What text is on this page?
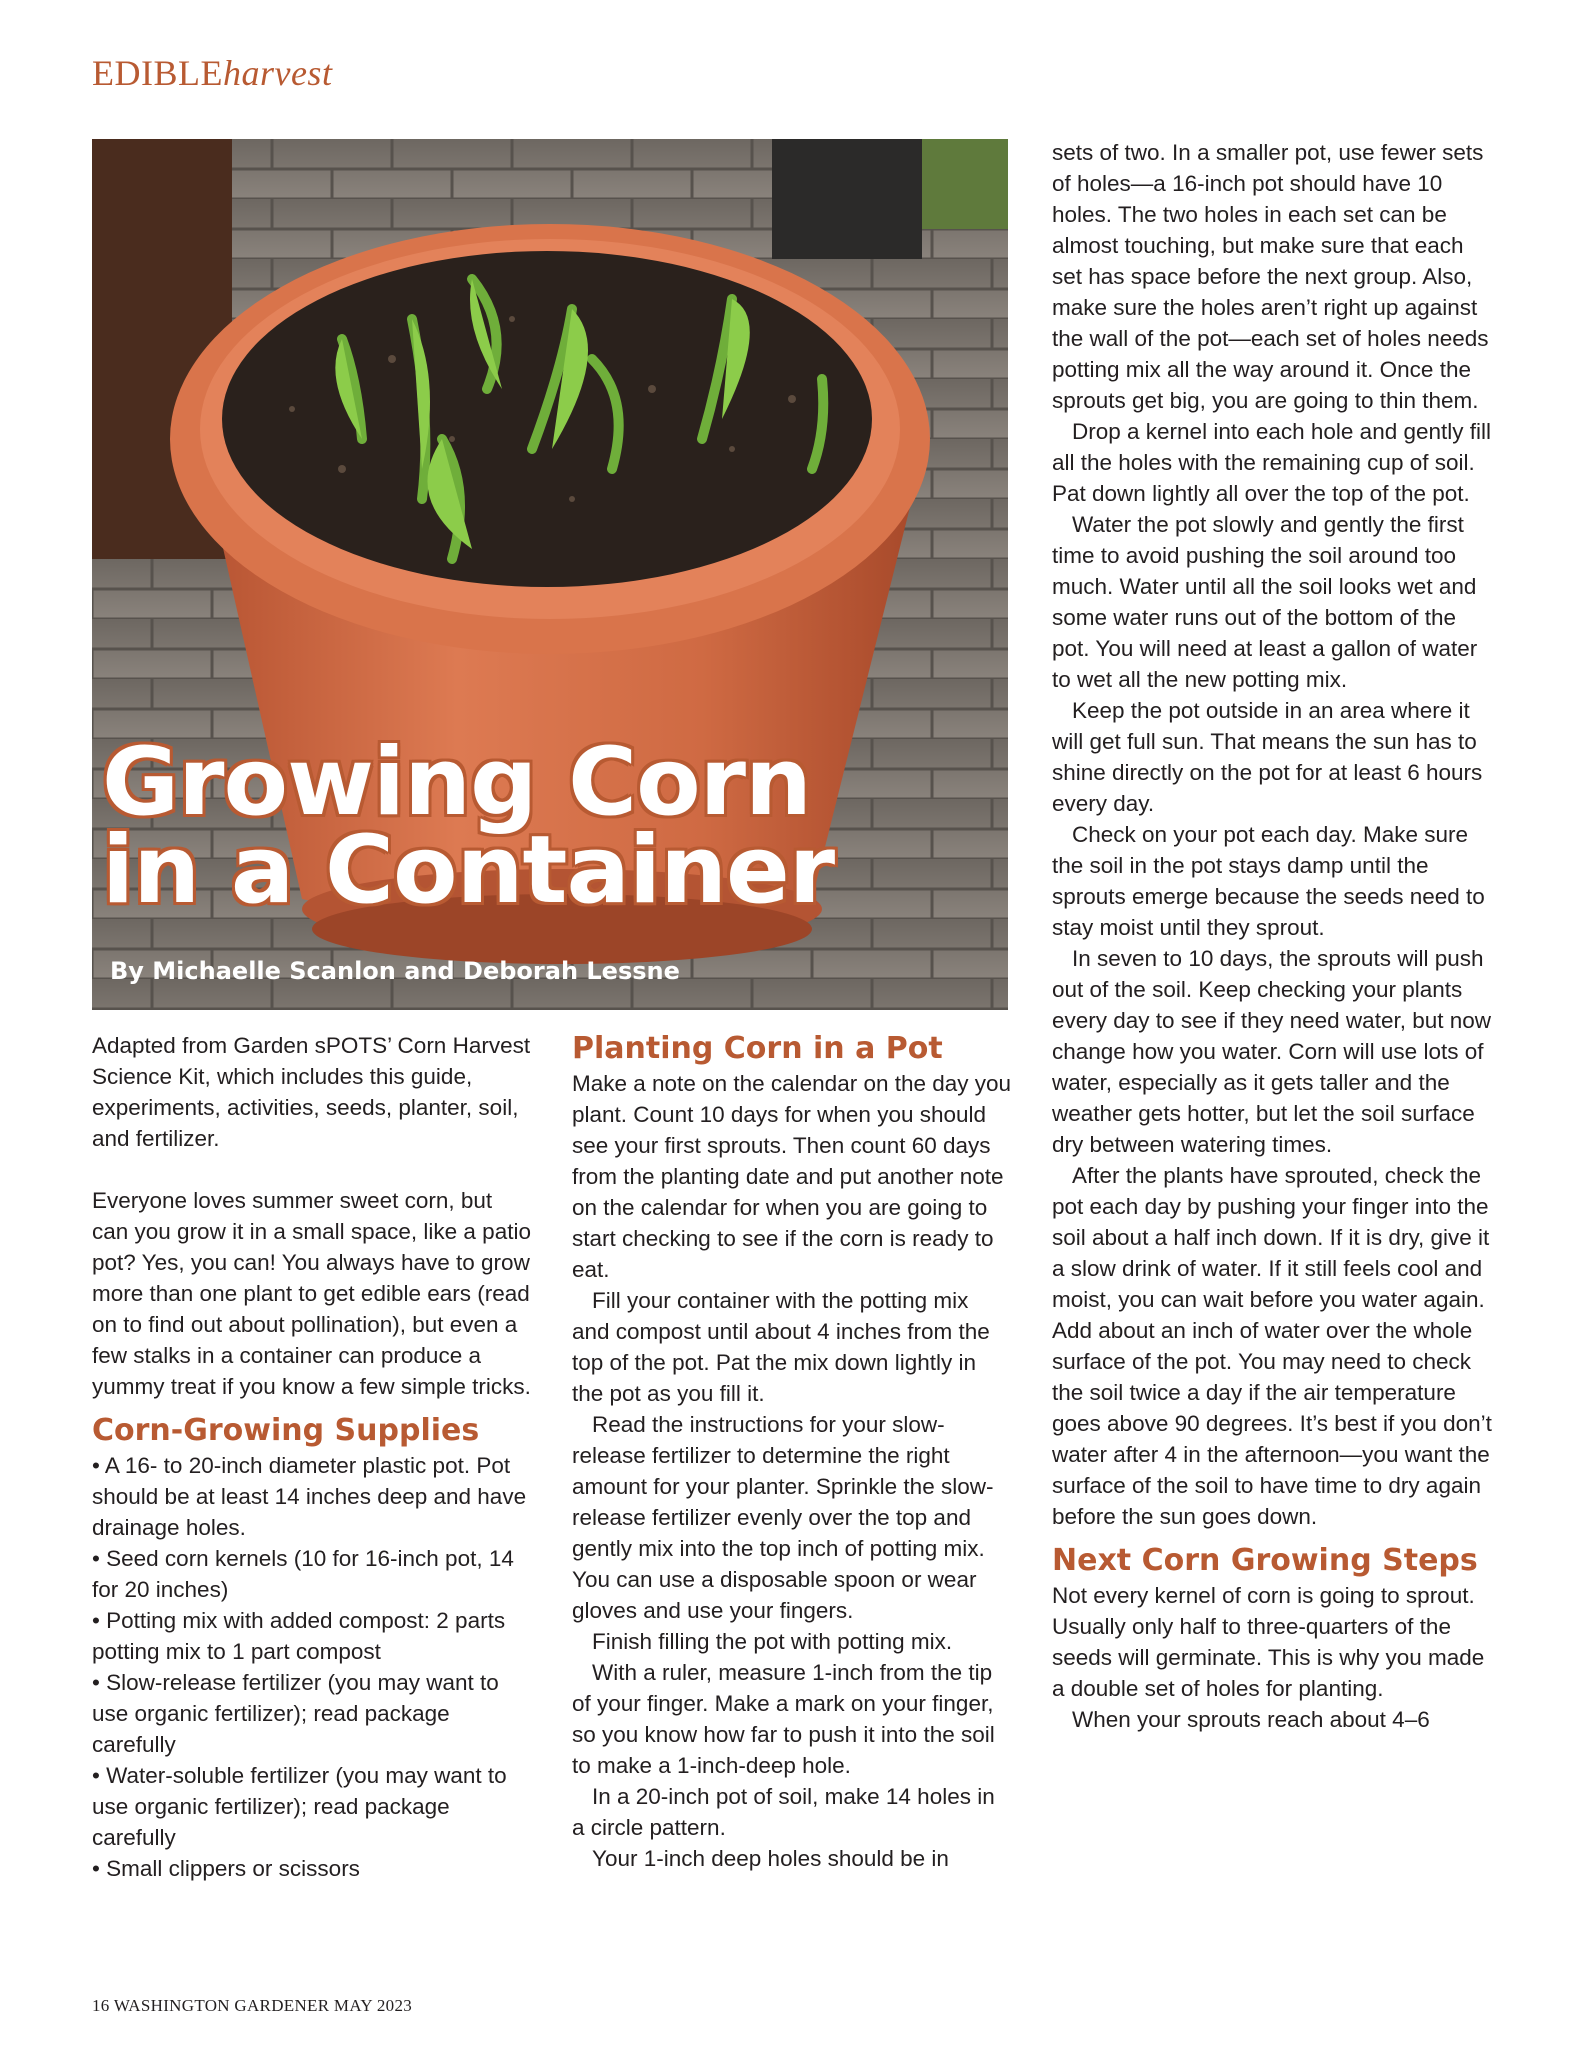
EDIBLEharvest
Growing Corn
in a Container

By Michaelle Scanlon and Deborah Lessne

Adapted from Garden sPOTS’ Corn Harvest Science Kit, which includes this guide, experiments, activities, seeds, planter, soil, and fertilizer.

Everyone loves summer sweet corn, but can you grow it in a small space, like a patio pot? Yes, you can! You always have to grow more than one plant to get edible ears (read on to find out about pollination), but even a few stalks in a container can produce a yummy treat if you know a few simple tricks.

Corn-Growing Supplies

• A 16- to 20-inch diameter plastic pot. Pot should be at least 14 inches deep and have drainage holes.

• Seed corn kernels (10 for 16-inch pot, 14 for 20 inches)

• Potting mix with added compost: 2 parts potting mix to 1 part compost

• Slow-release fertilizer (you may want to use organic fertilizer); read package carefully

• Water-soluble fertilizer (you may want to use organic fertilizer); read package carefully

• Small clippers or scissors

Planting Corn in a Pot

Make a note on the calendar on the day you plant. Count 10 days for when you should see your first sprouts. Then count 60 days from the planting date and put another note on the calendar for when you are going to start checking to see if the corn is ready to eat.

Fill your container with the potting mix and compost until about 4 inches from the top of the pot. Pat the mix down lightly in the pot as you fill it.

Read the instructions for your slow-release fertilizer to determine the right amount for your planter. Sprinkle the slow-release fertilizer evenly over the top and gently mix into the top inch of potting mix. You can use a disposable spoon or wear gloves and use your fingers.

Finish filling the pot with potting mix.

With a ruler, measure 1-inch from the tip of your finger. Make a mark on your finger, so you know how far to push it into the soil to make a 1-inch-deep hole.

In a 20-inch pot of soil, make 14 holes in a circle pattern.

Your 1-inch deep holes should be in

sets of two. In a smaller pot, use fewer sets of holes—a 16-inch pot should have 10 holes. The two holes in each set can be almost touching, but make sure that each set has space before the next group. Also, make sure the holes aren’t right up against the wall of the pot—each set of holes needs potting mix all the way around it. Once the sprouts get big, you are going to thin them.

Drop a kernel into each hole and gently fill all the holes with the remaining cup of soil. Pat down lightly all over the top of the pot.

Water the pot slowly and gently the first time to avoid pushing the soil around too much. Water until all the soil looks wet and some water runs out of the bottom of the pot. You will need at least a gallon of water to wet all the new potting mix.

Keep the pot outside in an area where it will get full sun. That means the sun has to shine directly on the pot for at least 6 hours every day.

Check on your pot each day. Make sure the soil in the pot stays damp until the sprouts emerge because the seeds need to stay moist until they sprout.

In seven to 10 days, the sprouts will push out of the soil. Keep checking your plants every day to see if they need water, but now change how you water. Corn will use lots of water, especially as it gets taller and the weather gets hotter, but let the soil surface dry between watering times.

After the plants have sprouted, check the pot each day by pushing your finger into the soil about a half inch down. If it is dry, give it a slow drink of water. If it still feels cool and moist, you can wait before you water again. Add about an inch of water over the whole surface of the pot. You may need to check the soil twice a day if the air temperature goes above 90 degrees. It’s best if you don’t water after 4 in the afternoon—you want the surface of the soil to have time to dry again before the sun goes down.

Next Corn Growing Steps

Not every kernel of corn is going to sprout. Usually only half to three-quarters of the seeds will germinate. This is why you made a double set of holes for planting.

When your sprouts reach about 4–6

16 WASHINGTON GARDENER MAY 2023
